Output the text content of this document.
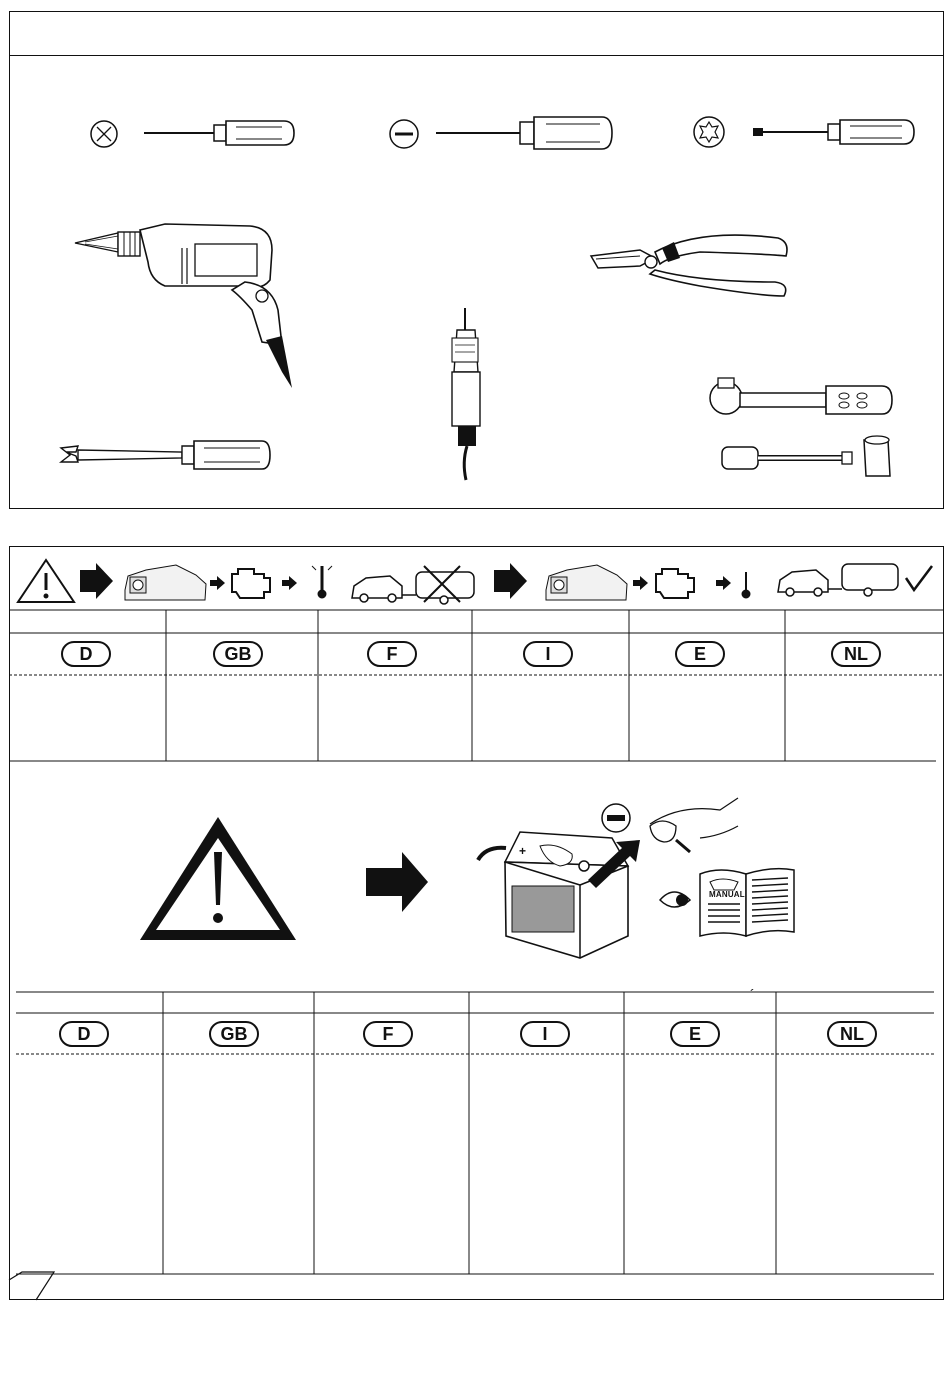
MANUAL
+
´
D	GB	F	I	E	NL
D	GB	F	I	E	NL
